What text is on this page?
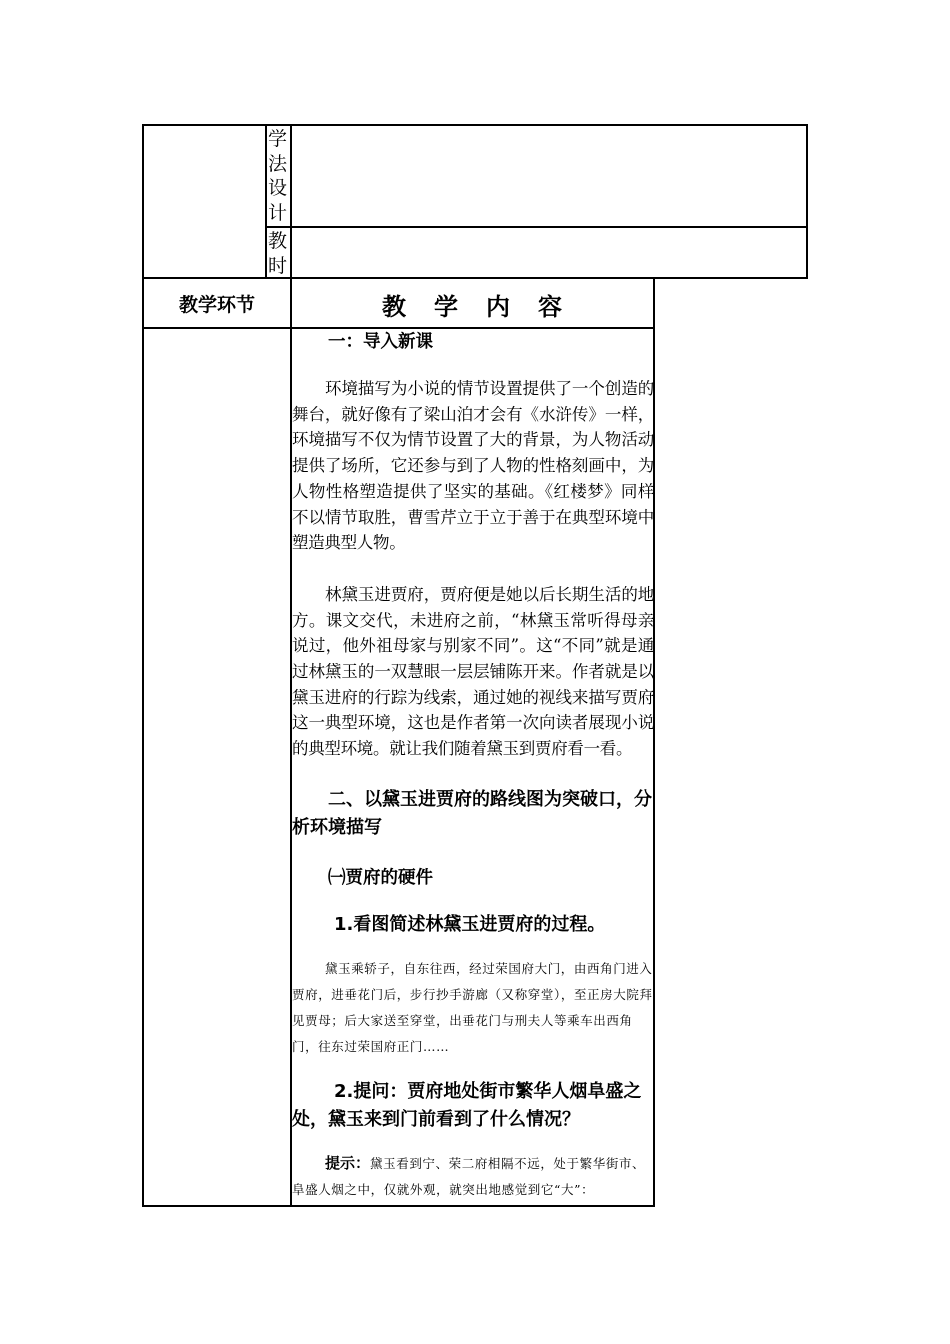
学法设计
教时
教学环节	教学内容

一：导入新课

环境描写为小说的情节设置提供了一个创造的舞台，就好像有了梁山泊才会有《水浒传》一样，环境描写不仅为情节设置了大的背景，为人物活动提供了场所，它还参与到了人物的性格刻画中，为人物性格塑造提供了坚实的基础。《红楼梦》同样不以情节取胜，曹雪芹立于立于善于在典型环境中塑造典型人物。

林黛玉进贾府，贾府便是她以后长期生活的地方。课文交代，未进府之前，“林黛玉常听得母亲说过，他外祖母家与别家不同”。这“不同”就是通过林黛玉的一双慧眼一层层铺陈开来。作者就是以黛玉进府的行踪为线索，通过她的视线来描写贾府这一典型环境，这也是作者第一次向读者展现小说的典型环境。就让我们随着黛玉到贾府看一看。

二、以黛玉进贾府的路线图为突破口，分析环境描写

㈠贾府的硬件

1.看图简述林黛玉进贾府的过程。

黛玉乘轿子，自东往西，经过荣国府大门，由西角门进入贾府，进垂花门后，步行抄手游廊（又称穿堂），至正房大院拜见贾母；后大家送至穿堂，出垂花门与刑夫人等乘车出西角门，往东过荣国府正门……

2.提问：贾府地处街市繁华人烟阜盛之处，黛玉来到门前看到了什么情况？

提示：黛玉看到宁、荣二府相隔不远，处于繁华街市、阜盛人烟之中，仅就外观，就突出地感觉到它“大”：
